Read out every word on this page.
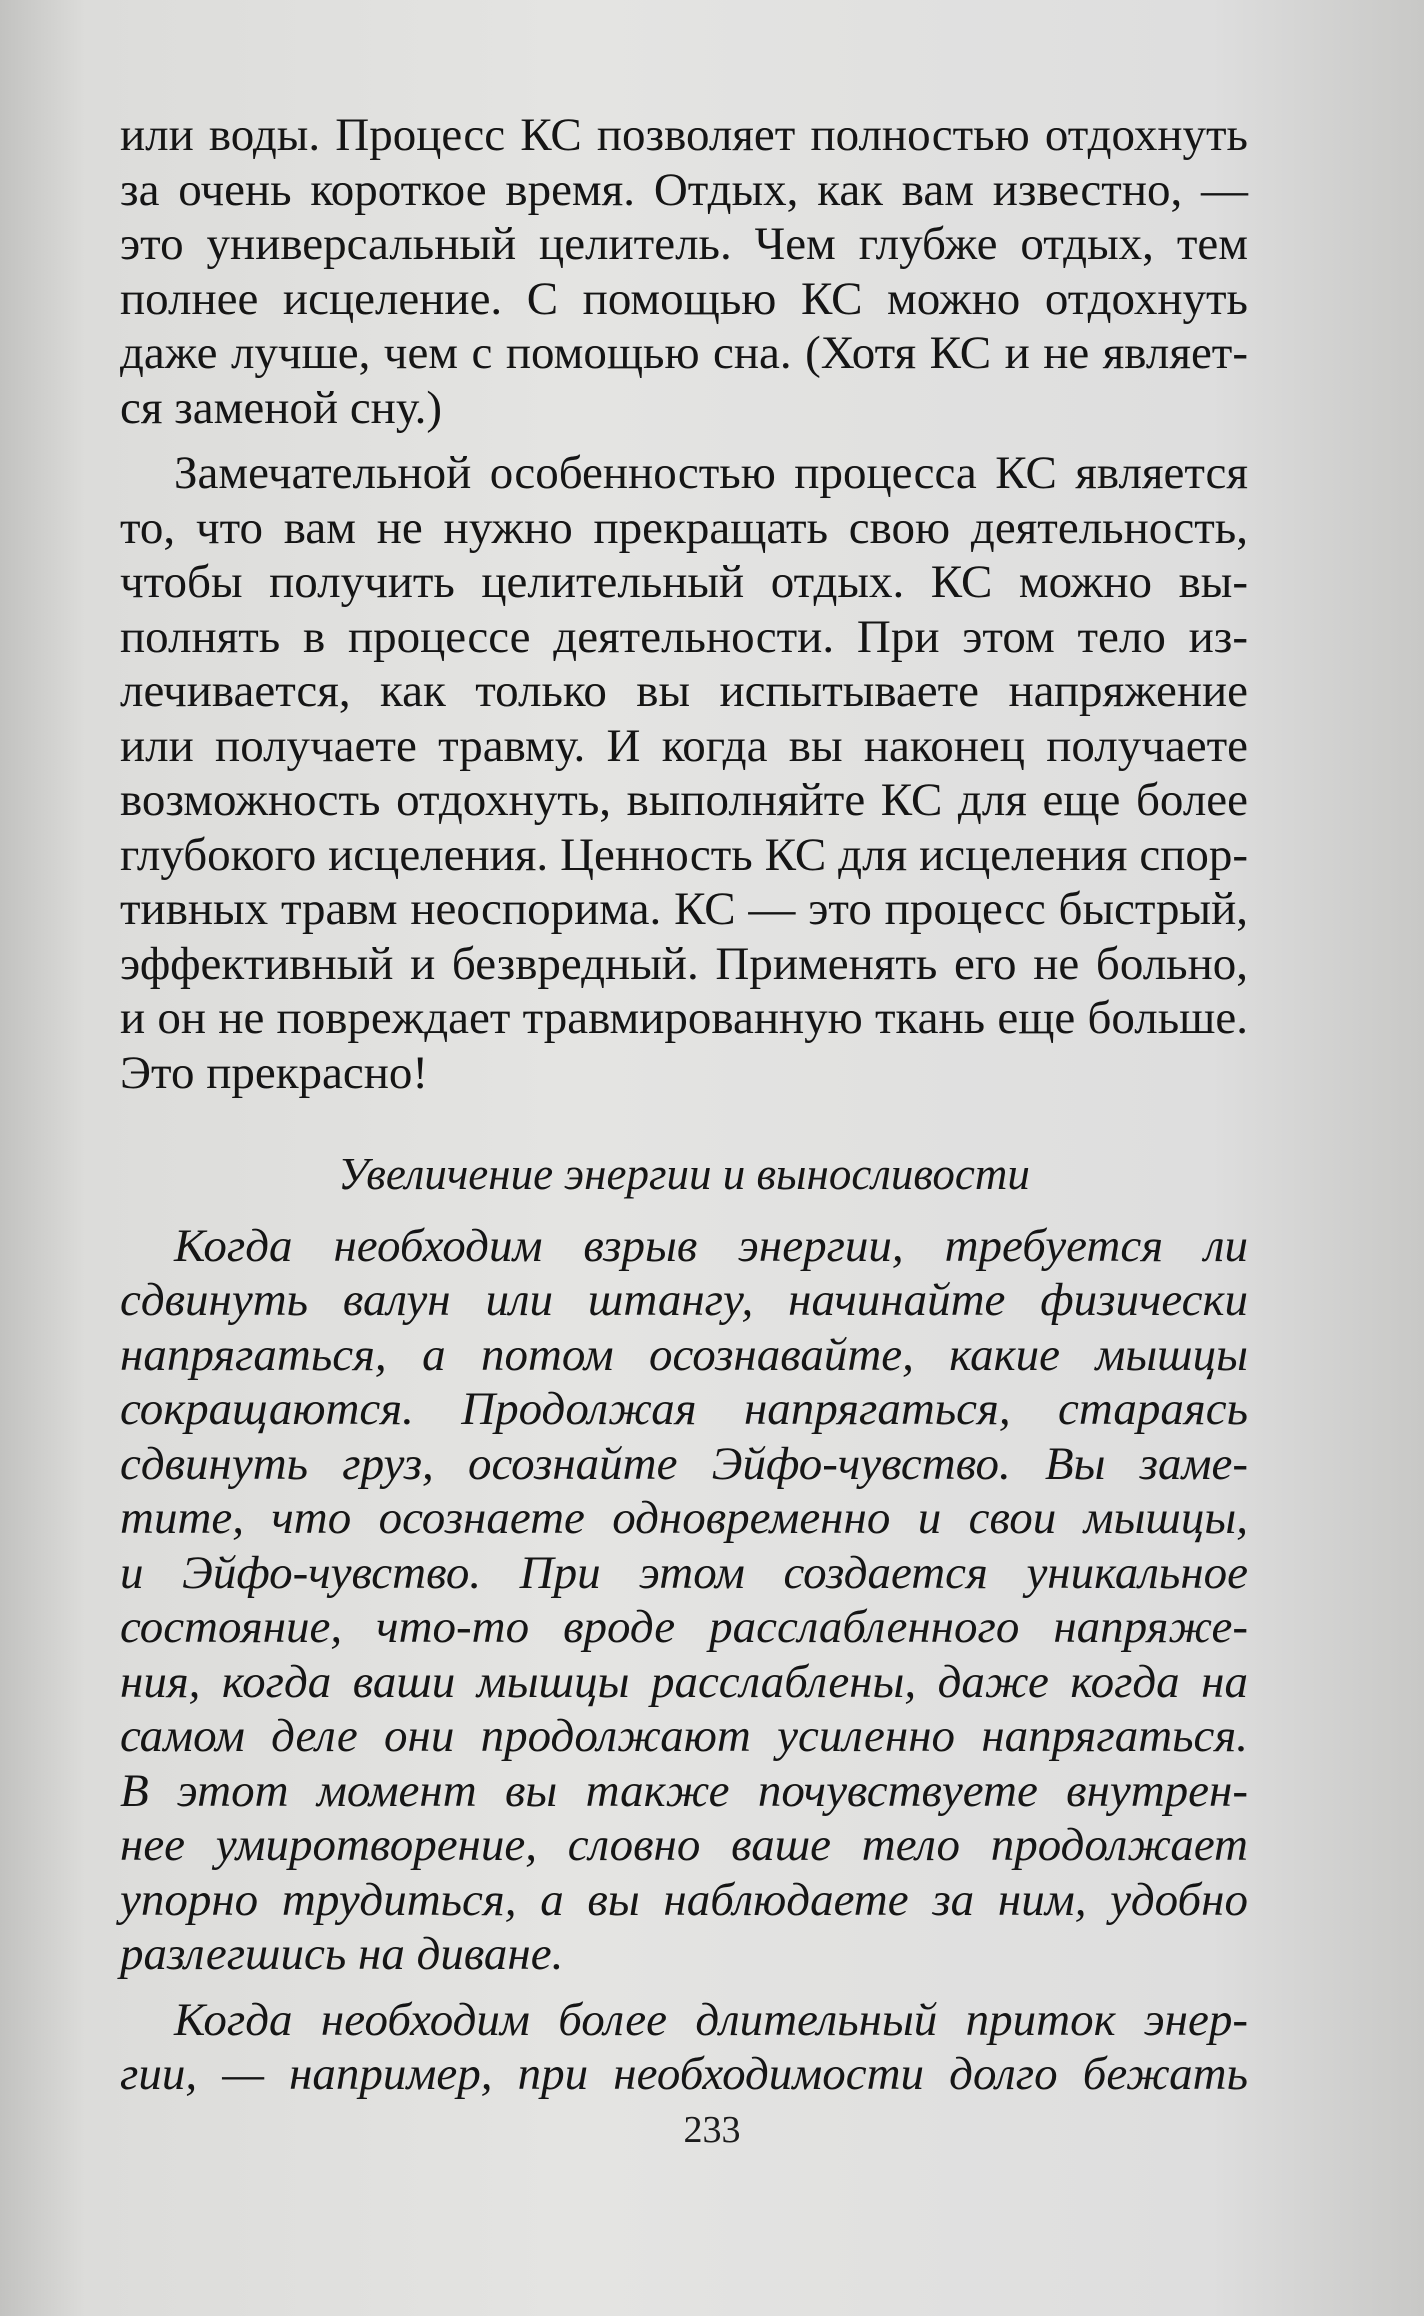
или воды. Процесс КС позволяет полностью отдохнуть
за очень короткое время. Отдых, как вам известно, —
это универсальный целитель. Чем глубже отдых, тем
полнее исцеление. С помощью КС можно отдохнуть
даже лучше, чем с помощью сна. (Хотя КС и не являет-
ся заменой сну.)
Замечательной особенностью процесса КС является
то, что вам не нужно прекращать свою деятельность,
чтобы получить целительный отдых. КС можно вы-
полнять в процессе деятельности. При этом тело из-
лечивается, как только вы испытываете напряжение
или получаете травму. И когда вы наконец получаете
возможность отдохнуть, выполняйте КС для еще более
глубокого исцеления. Ценность КС для исцеления спор-
тивных травм неоспорима. КС — это процесс быстрый,
эффективный и безвредный. Применять его не больно,
и он не повреждает травмированную ткань еще больше.
Это прекрасно!
Увеличение энергии и выносливости
Когда необходим взрыв энергии, требуется ли
сдвинуть валун или штангу, начинайте физически
напрягаться, а потом осознавайте, какие мышцы
сокращаются. Продолжая напрягаться, стараясь
сдвинуть груз, осознайте Эйфо-чувство. Вы заме-
тите, что осознаете одновременно и свои мышцы,
и Эйфо-чувство. При этом создается уникальное
состояние, что-то вроде расслабленного напряже-
ния, когда ваши мышцы расслаблены, даже когда на
самом деле они продолжают усиленно напрягаться.
В этот момент вы также почувствуете внутрен-
нее умиротворение, словно ваше тело продолжает
упорно трудиться, а вы наблюдаете за ним, удобно
разлегшись на диване.
Когда необходим более длительный приток энер-
гии, — например, при необходимости долго бежать
233
